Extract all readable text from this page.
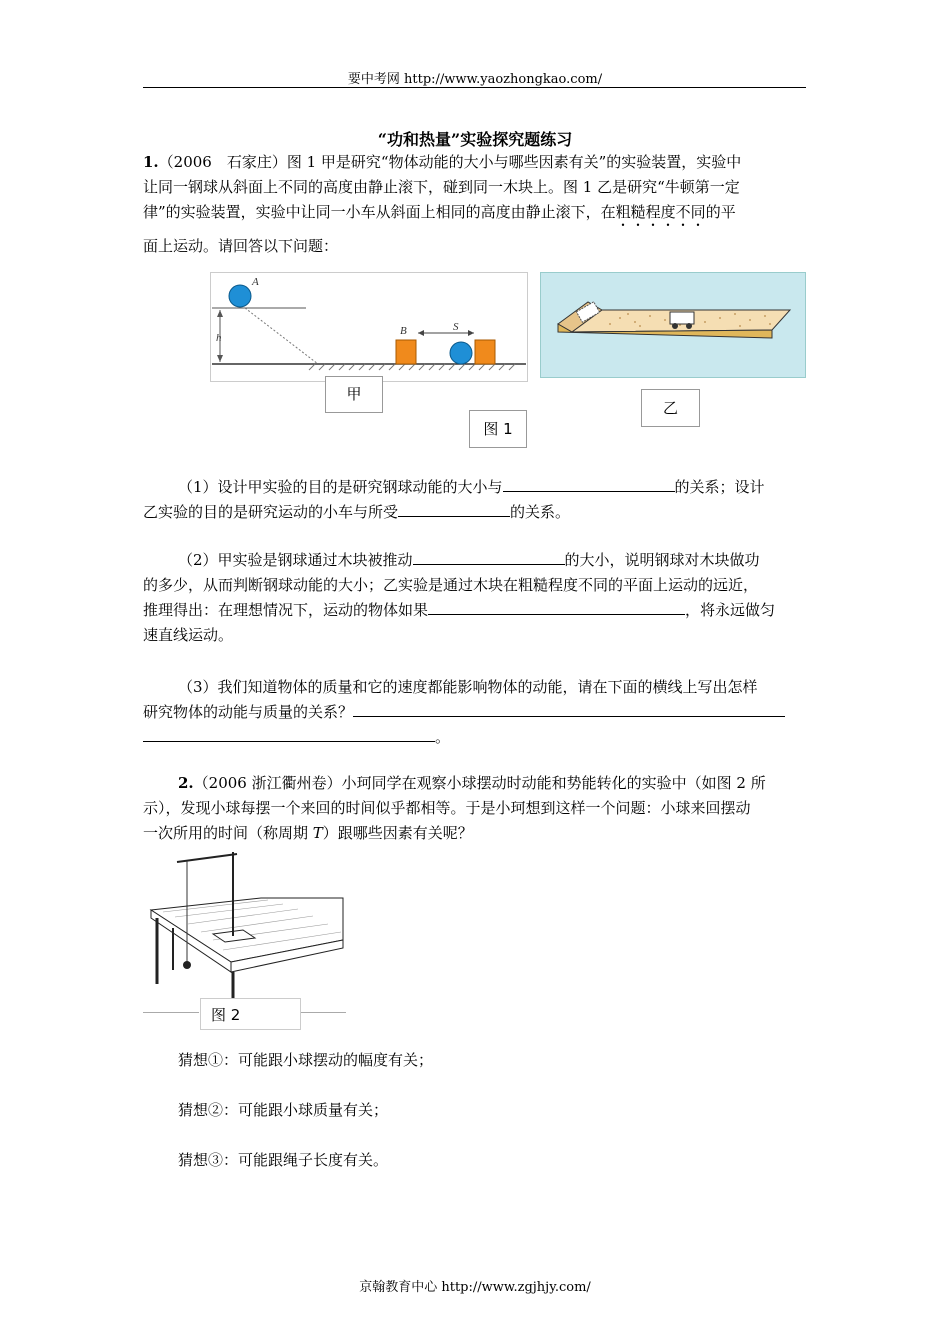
要中考网 http://www.yaozhongkao.com/
“功和热量”实验探究题练习
1.（2006　石家庄）图 1 甲是研究“物体动能的大小与哪些因素有关”的实验装置，实验中
让同一钢球从斜面上不同的高度由静止滚下，碰到同一木块上。图 1 乙是研究“牛顿第一定
律”的实验装置，实验中让同一小车从斜面上相同的高度由静止滚下，在粗糙程度不同的平
面上运动。请回答以下问题：
h
A
B	S
甲
乙
图 1
（1）设计甲实验的目的是研究钢球动能的大小与	的关系；设计
乙实验的目的是研究运动的小车与所受	的关系。
（2）甲实验是钢球通过木块被推动	的大小，说明钢球对木块做功
的多少，从而判断钢球动能的大小；乙实验是通过木块在粗糙程度不同的平面上运动的远近，
推理得出：在理想情况下，运动的物体如果	，将永远做匀
速直线运动。
（3）我们知道物体的质量和它的速度都能影响物体的动能，请在下面的横线上写出怎样
研究物体的动能与质量的关系？
。
2.（2006 浙江衢州卷）小珂同学在观察小球摆动时动能和势能转化的实验中（如图 2 所
示），发现小球每摆一个来回的时间似乎都相等。于是小珂想到这样一个问题：小球来回摆动
一次所用的时间（称周期 T）跟哪些因素有关呢？
图 2
猜想①：可能跟小球摆动的幅度有关；
猜想②：可能跟小球质量有关；
猜想③：可能跟绳子长度有关。
京翰教育中心 http://www.zgjhjy.com/
